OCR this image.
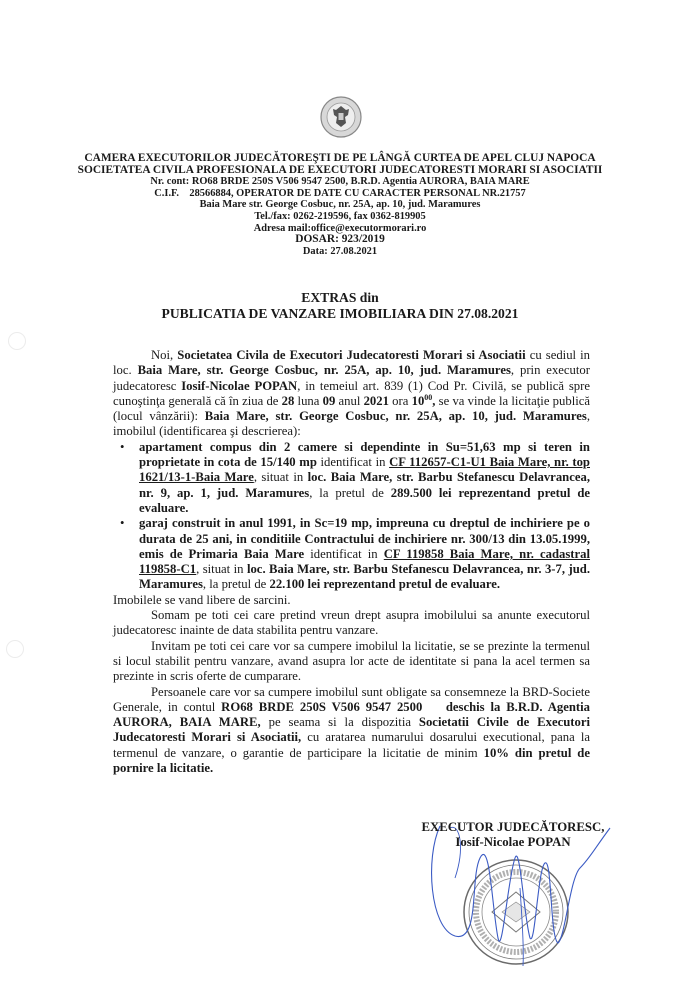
CAMERA EXECUTORILOR JUDECĂTOREŞTI DE PE LÂNGĂ CURTEA DE APEL CLUJ NAPOCA
SOCIETATEA CIVILA PROFESIONALA DE EXECUTORI JUDECATORESTI MORARI SI ASOCIATII
Nr. cont: RO68 BRDE 250S V506 9547 2500, B.R.D. Agentia AURORA, BAIA MARE
C.I.F.    28566884, OPERATOR DE DATE CU CARACTER PERSONAL NR.21757
Baia Mare str. George Cosbuc, nr. 25A, ap. 10, jud. Maramures
Tel./fax: 0262-219596, fax 0362-819905
Adresa mail:office@executormorari.ro
DOSAR: 923/2019
Data: 27.08.2021
EXTRAS din
PUBLICATIA DE VANZARE IMOBILIARA DIN 27.08.2021

Noi, Societatea Civila de Executori Judecatoresti Morari si Asociatii cu sediul in loc. Baia Mare, str. George Cosbuc, nr. 25A, ap. 10, jud. Maramures, prin executor judecatoresc Iosif-Nicolae POPAN, in temeiul art. 839 (1) Cod Pr. Civilă, se publică spre cunoştinţa generală că în ziua de 28 luna 09 anul 2021 ora $10^{00}$, se va vinde la licitaţie publică (locul vânzării): Baia Mare, str. George Cosbuc, nr. 25A, ap. 10, jud. Maramures, imobilul (identificarea şi descrierea):

• apartament compus din 2 camere si dependinte in Su=51,63 mp si teren in proprietate in cota de 15/140 mp identificat in CF 112657-C1-U1 Baia Mare, nr. top 1621/13-1-Baia Mare, situat in loc. Baia Mare, str. Barbu Stefanescu Delavrancea, nr. 9, ap. 1, jud. Maramures, la pretul de 289.500 lei reprezentand pretul de evaluare.
• garaj construit in anul 1991, in Sc=19 mp, impreuna cu dreptul de inchiriere pe o durata de 25 ani, in conditiile Contractului de inchiriere nr. 300/13 din 13.05.1999, emis de Primaria Baia Mare identificat in CF 119858 Baia Mare, nr. cadastral 119858-C1, situat in loc. Baia Mare, str. Barbu Stefanescu Delavrancea, nr. 3-7, jud. Maramures, la pretul de 22.100 lei reprezentand pretul de evaluare.

Imobilele se vand libere de sarcini.

Somam pe toti cei care pretind vreun drept asupra imobilului sa anunte executorul judecatoresc inainte de data stabilita pentru vanzare.

Invitam pe toti cei care vor sa cumpere imobilul la licitatie, se se prezinte la termenul si locul stabilit pentru vanzare, avand asupra lor acte de identitate si pana la acel termen sa prezinte in scris oferte de cumparare.

Persoanele care vor sa cumpere imobilul sunt obligate sa consemneze la BRD-Societe Generale, in contul RO68 BRDE 250S V506 9547 2500    deschis la B.R.D. Agentia AURORA, BAIA MARE, pe seama si la dispozitia Societatii Civile de Executori Judecatoresti Morari si Asociatii, cu aratarea numarului dosarului executional, pana la termenul de vanzare, o garantie de participare la licitatie de minim 10% din pretul de pornire la licitatie.

EXECUTOR JUDECĂTORESC,
Iosif-Nicolae POPAN
